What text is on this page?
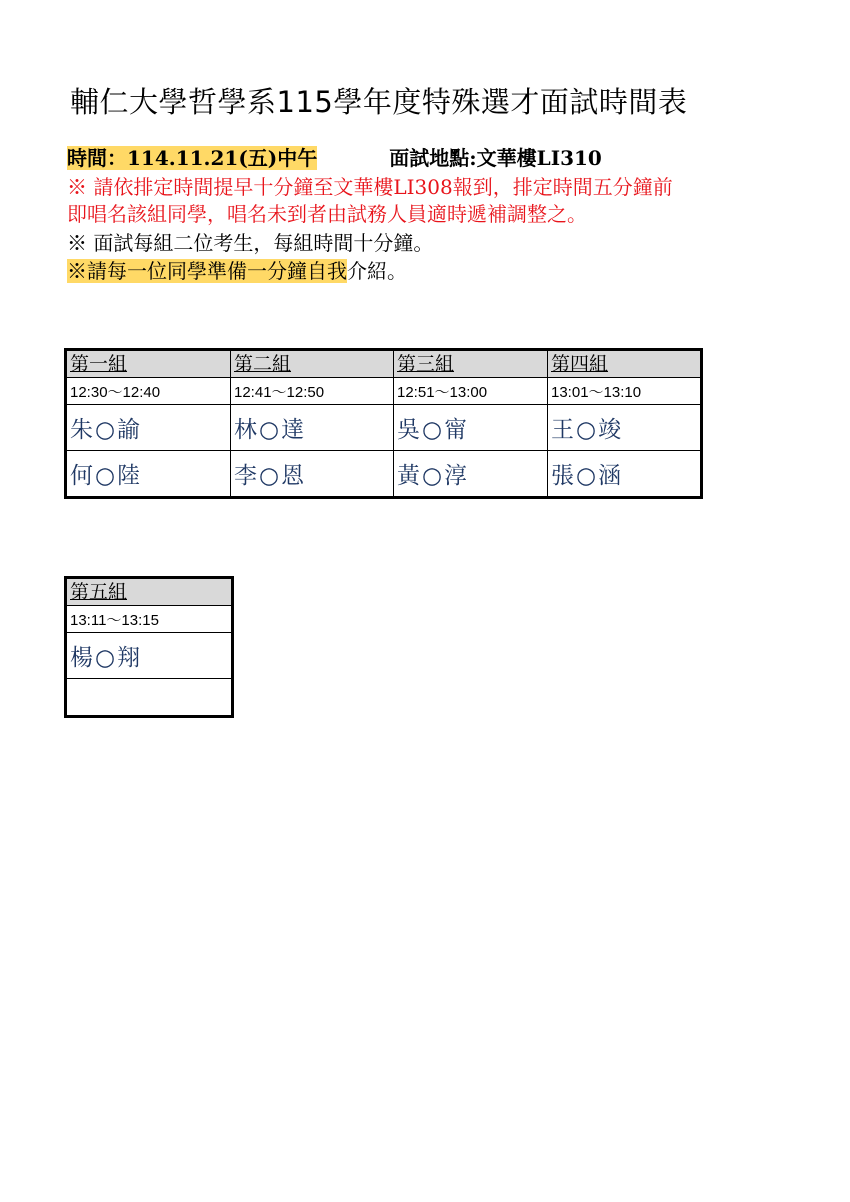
輔仁大學哲學系115學年度特殊選才面試時間表
時間：114.11.21(五)中午	面試地點:文華樓LI310
※ 請依排定時間提早十分鐘至文華樓LI308報到，排定時間五分鐘前
即唱名該組同學，唱名未到者由試務人員適時遞補調整之。
※ 面試每組二位考生，每組時間十分鐘。
※請每一位同學準備一分鐘自我介紹。
第一組	第二組	第三組	第四組
12:30～12:40	12:41～12:50	12:51～13:00	13:01～13:10
朱○諭	林○達	吳○甯	王○竣
何○陸	李○恩	黃○淳	張○涵
第五組
13:11～13:15
楊○翔
